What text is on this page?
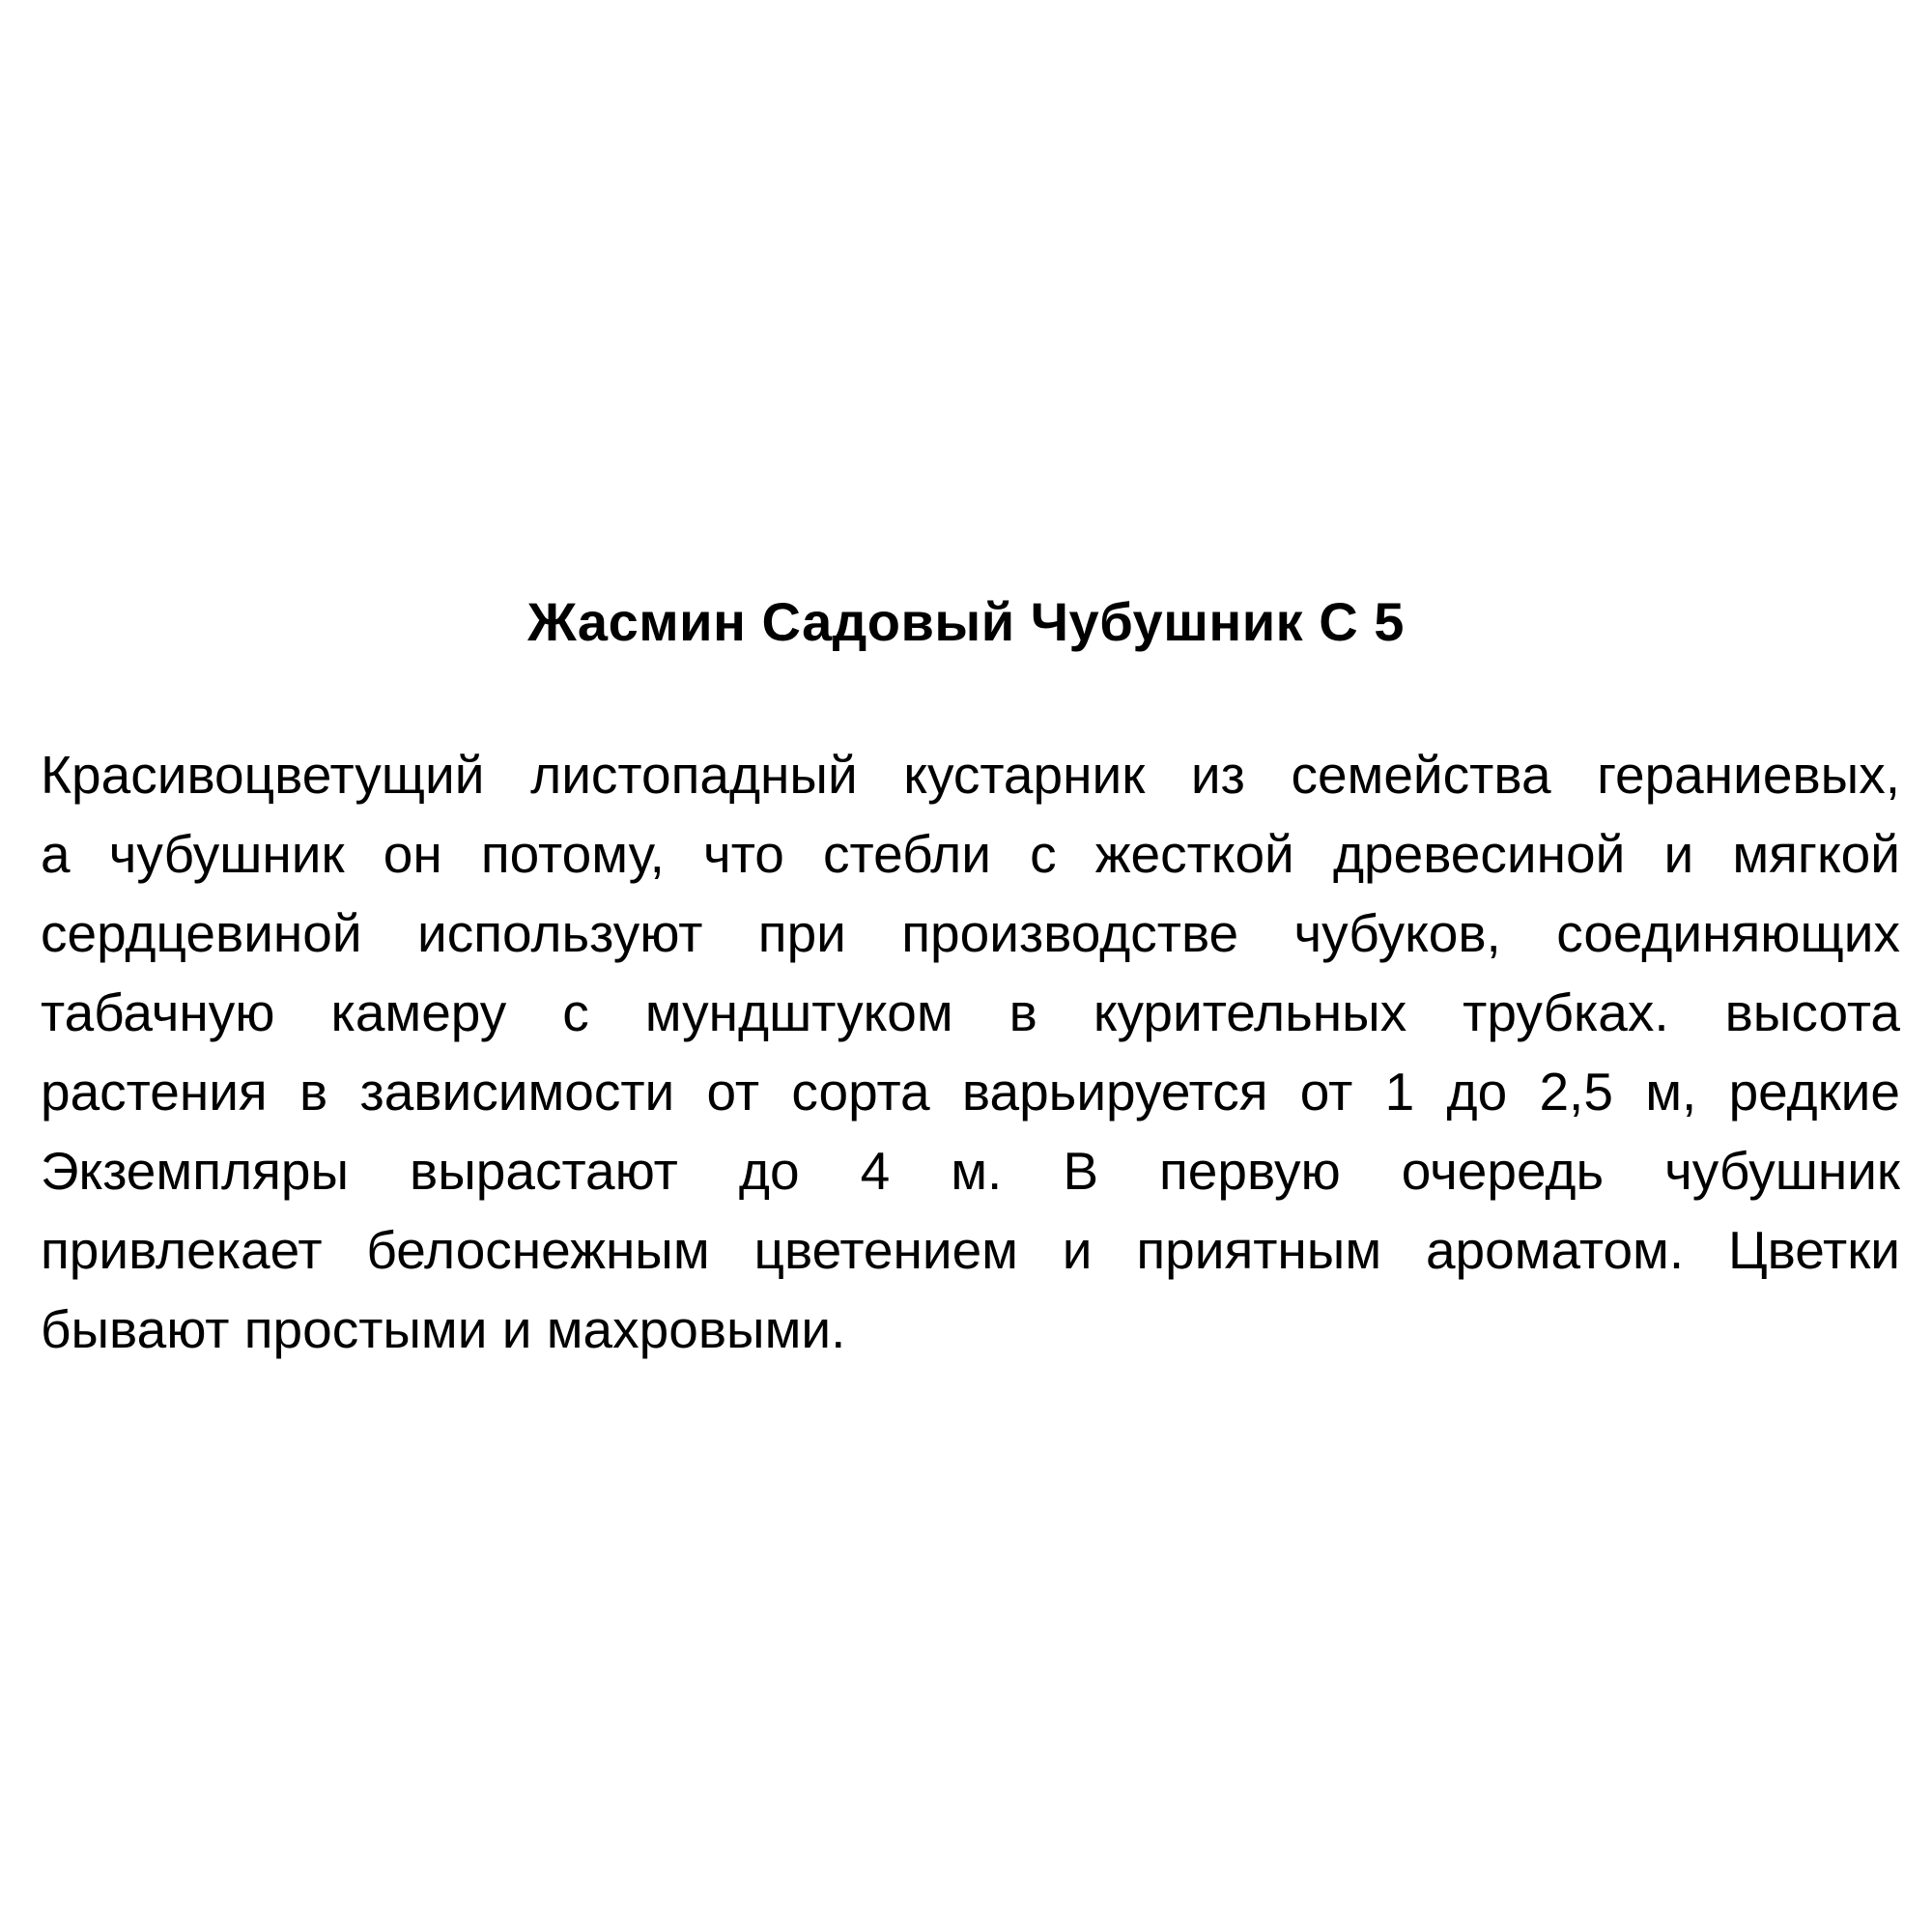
Жасмин Садовый Чубушник С 5
Красивоцветущий листопадный кустарник из семейства гераниевых,
а чубушник он потому, что стебли с жесткой древесиной и мягкой
сердцевиной используют при производстве чубуков, соединяющих
табачную камеру с мундштуком в курительных трубках. высота
растения в зависимости от сорта варьируется от 1 до 2,5 м, редкие
Экземпляры вырастают до 4 м. В первую очередь чубушник
привлекает белоснежным цветением и приятным ароматом. Цветки
бывают простыми и махровыми.
